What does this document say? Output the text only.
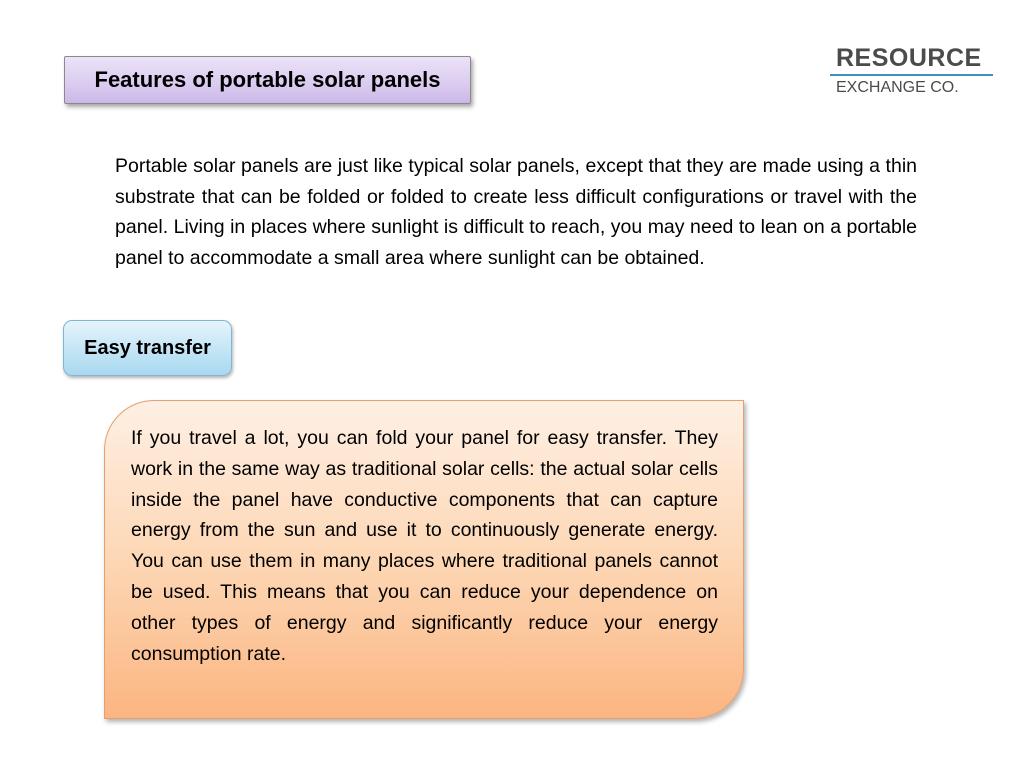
Features of portable solar panels
RESOURCE
EXCHANGE CO.

Portable solar panels are just like typical solar panels, except that they are made using a thin substrate that can be folded or folded to create less difficult configurations or travel with the panel. Living in places where sunlight is difficult to reach, you may need to lean on a portable panel to accommodate a small area where sunlight can be obtained.

Easy transfer

If you travel a lot, you can fold your panel for easy transfer. They work in the same way as traditional solar cells: the actual solar cells inside the panel have conductive components that can capture energy from the sun and use it to continuously generate energy. You can use them in many places where traditional panels cannot be used. This means that you can reduce your dependence on other types of energy and significantly reduce your energy consumption rate.
